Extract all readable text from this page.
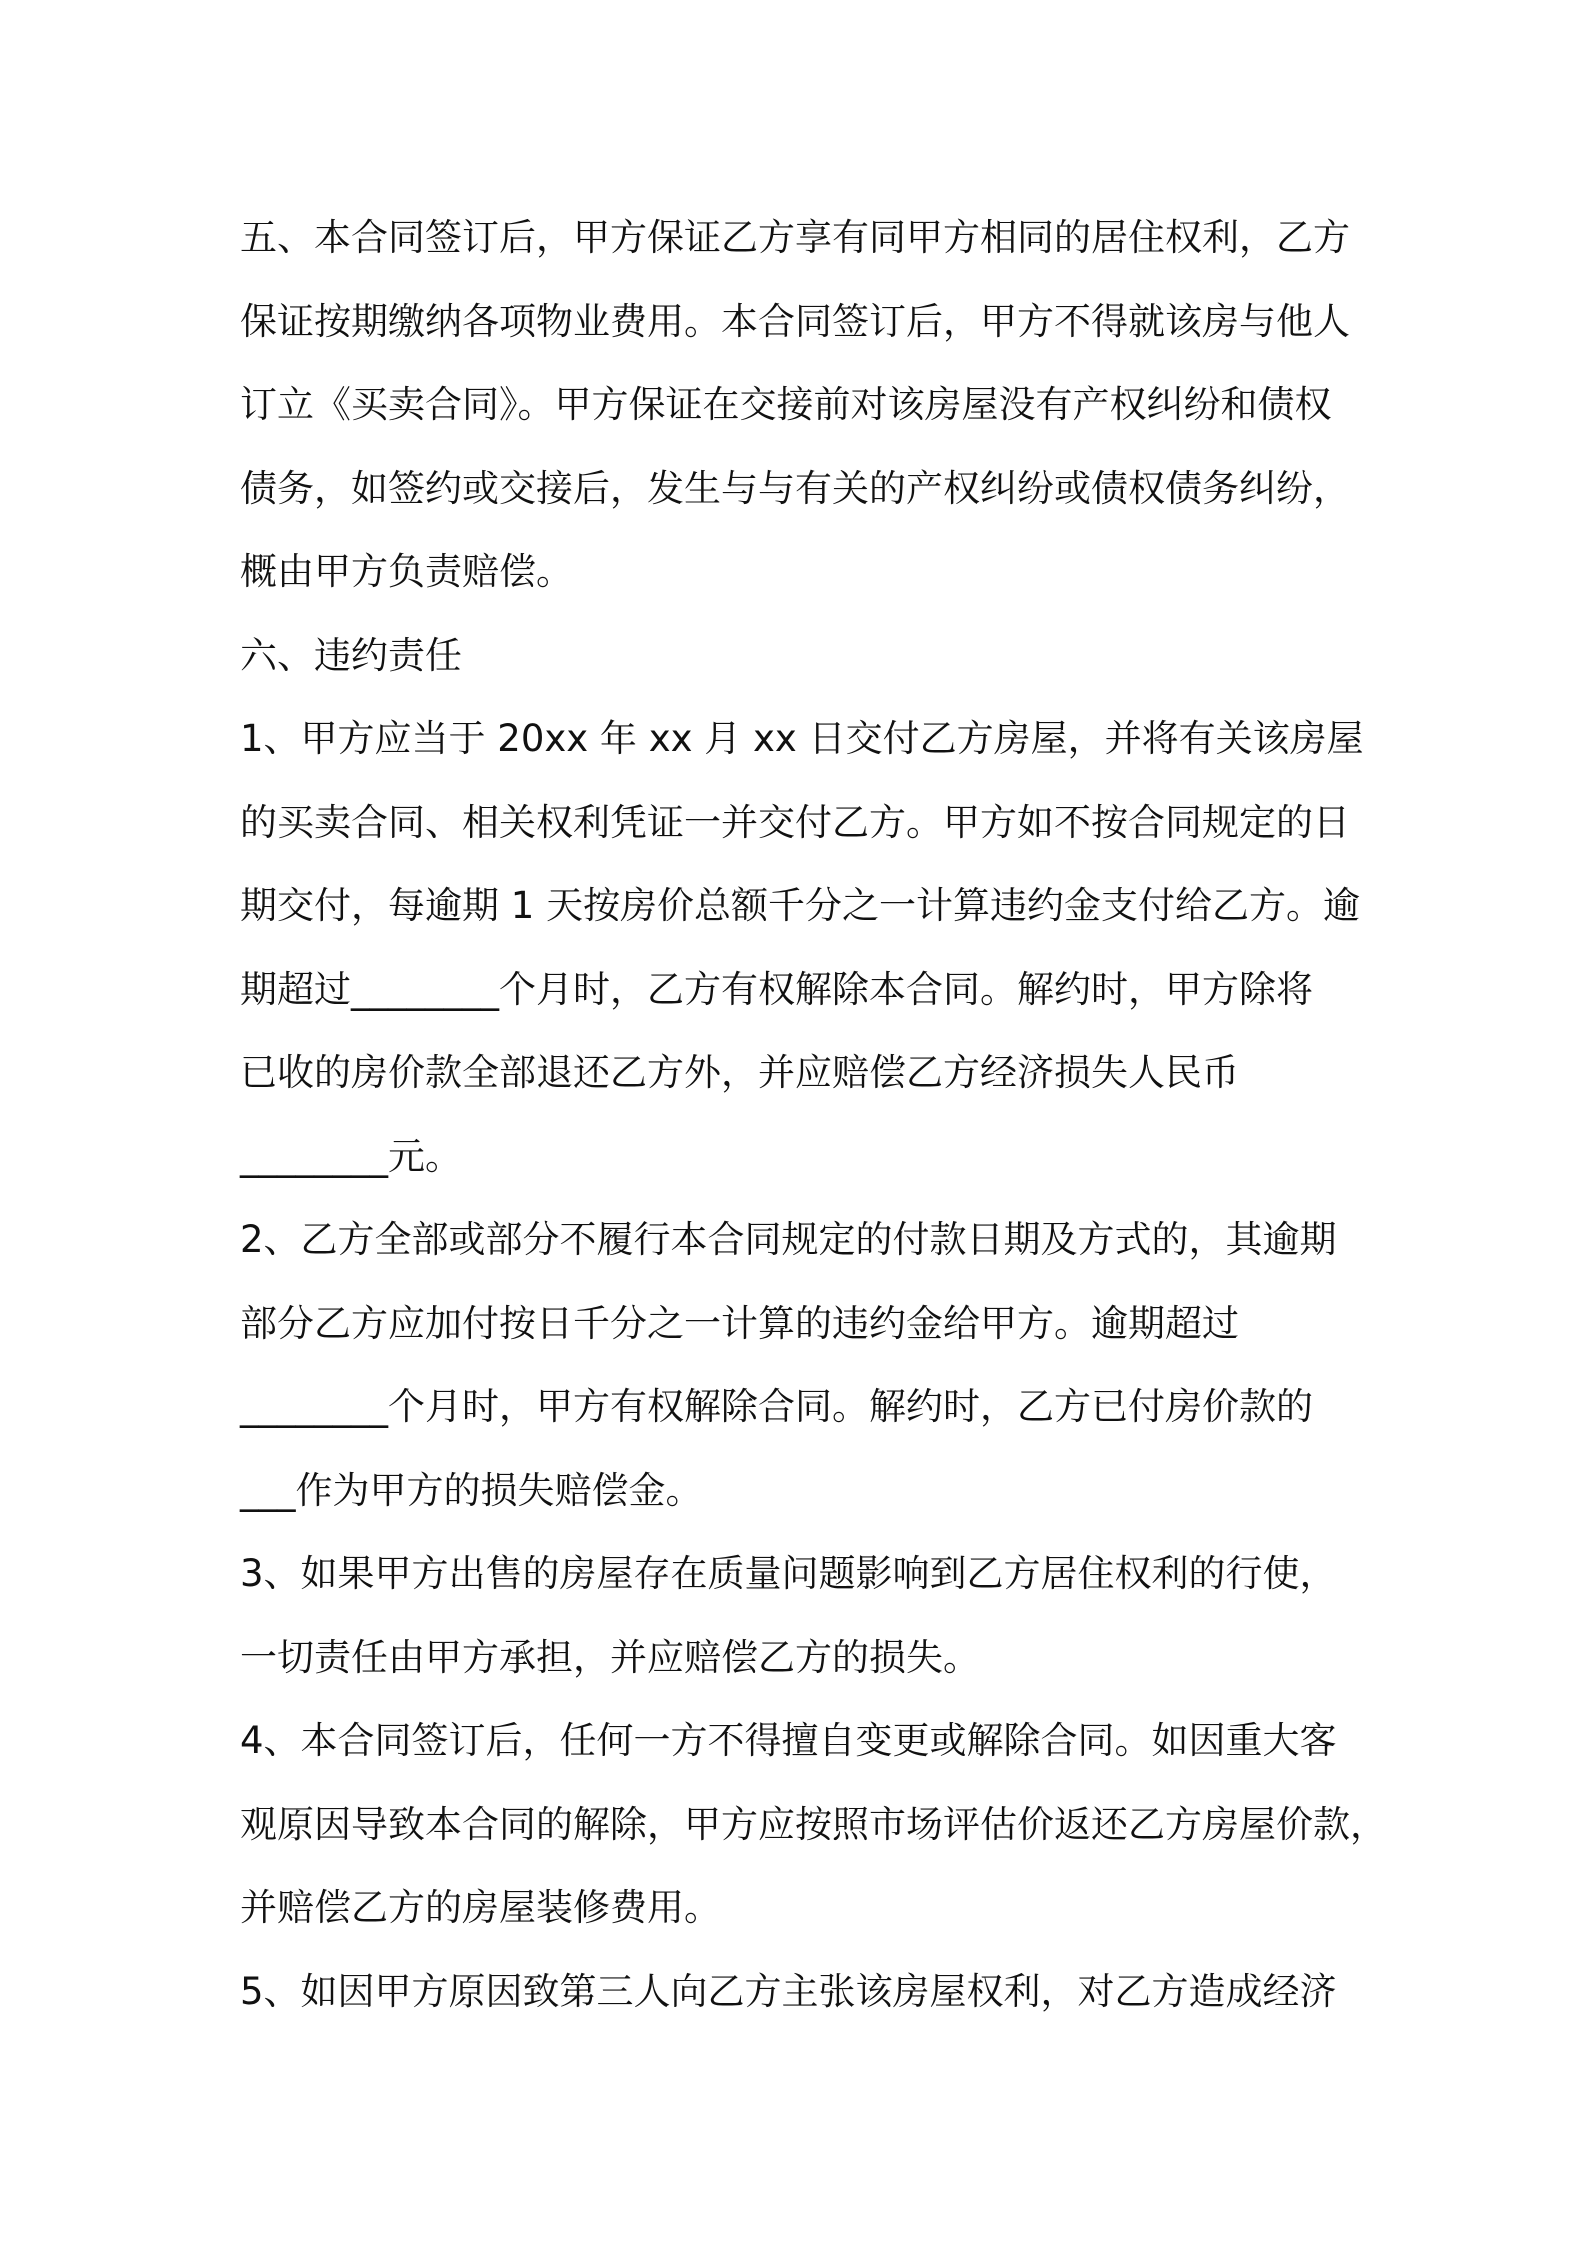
五、本合同签订后，甲方保证乙方享有同甲方相同的居住权利，乙方
保证按期缴纳各项物业费用。本合同签订后，甲方不得就该房与他人
订立《买卖合同》。甲方保证在交接前对该房屋没有产权纠纷和债权
债务，如签约或交接后，发生与与有关的产权纠纷或债权债务纠纷，
概由甲方负责赔偿。
六、违约责任
1、甲方应当于 20xx 年 xx 月 xx 日交付乙方房屋，并将有关该房屋
的买卖合同、相关权利凭证一并交付乙方。甲方如不按合同规定的日
期交付，每逾期 1 天按房价总额千分之一计算违约金支付给乙方。逾
期超过________个月时，乙方有权解除本合同。解约时，甲方除将
已收的房价款全部退还乙方外，并应赔偿乙方经济损失人民币
________元。
2、乙方全部或部分不履行本合同规定的付款日期及方式的，其逾期
部分乙方应加付按日千分之一计算的违约金给甲方。逾期超过
________个月时，甲方有权解除合同。解约时，乙方已付房价款的
___作为甲方的损失赔偿金。
3、如果甲方出售的房屋存在质量问题影响到乙方居住权利的行使，
一切责任由甲方承担，并应赔偿乙方的损失。
4、本合同签订后，任何一方不得擅自变更或解除合同。如因重大客
观原因导致本合同的解除，甲方应按照市场评估价返还乙方房屋价款，
并赔偿乙方的房屋装修费用。
5、如因甲方原因致第三人向乙方主张该房屋权利，对乙方造成经济
